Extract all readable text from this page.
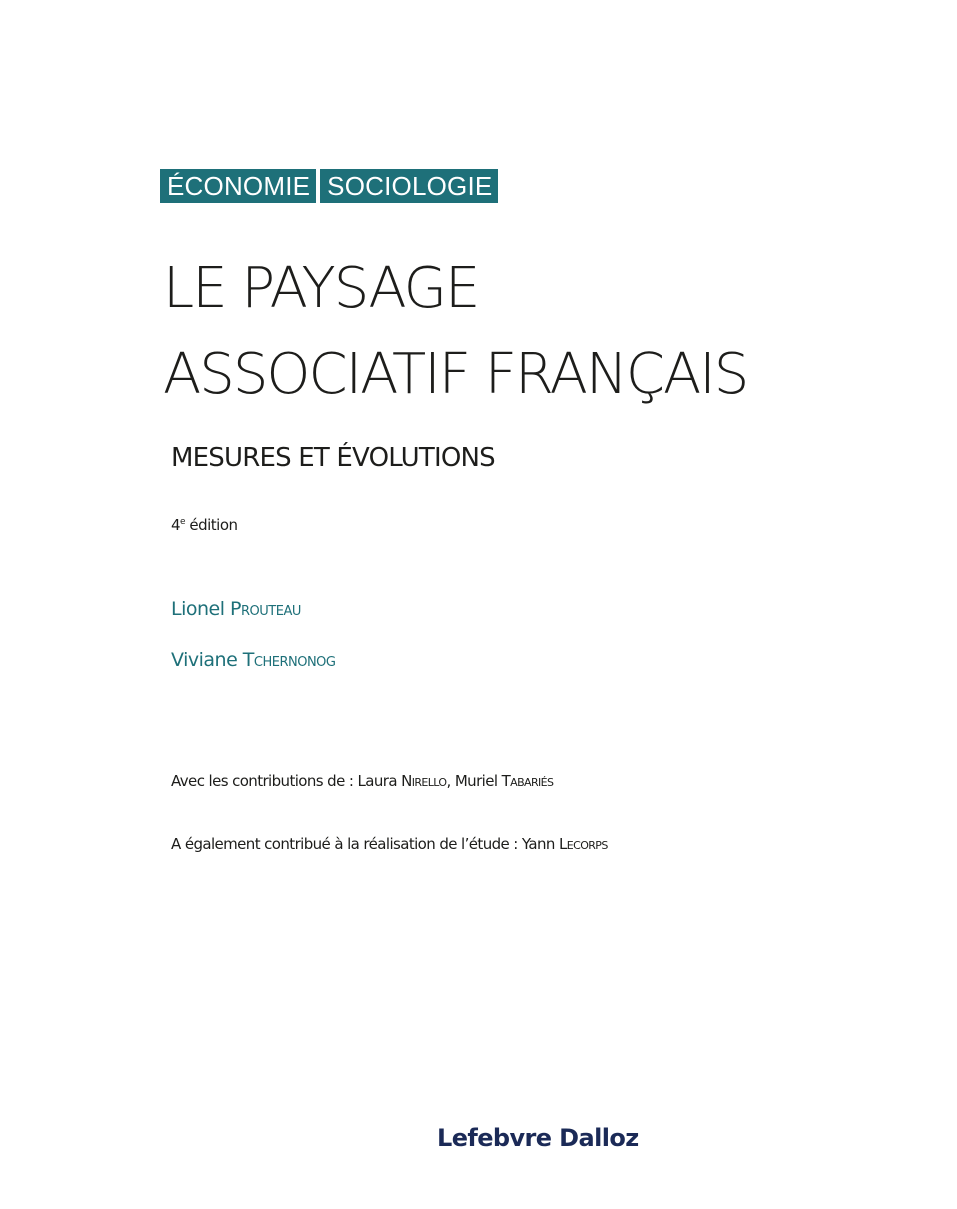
ÉCONOMIE SOCIOLOGIE
LE PAYSAGE
ASSOCIATIF FRANÇAIS
MESURES ET ÉVOLUTIONS
4e édition
Lionel Prouteau
Viviane Tchernonog
Avec les contributions de : Laura Nirello, Muriel Tabariés
A également contribué à la réalisation de l’étude : Yann Lecorps
Lefebvre Dalloz
